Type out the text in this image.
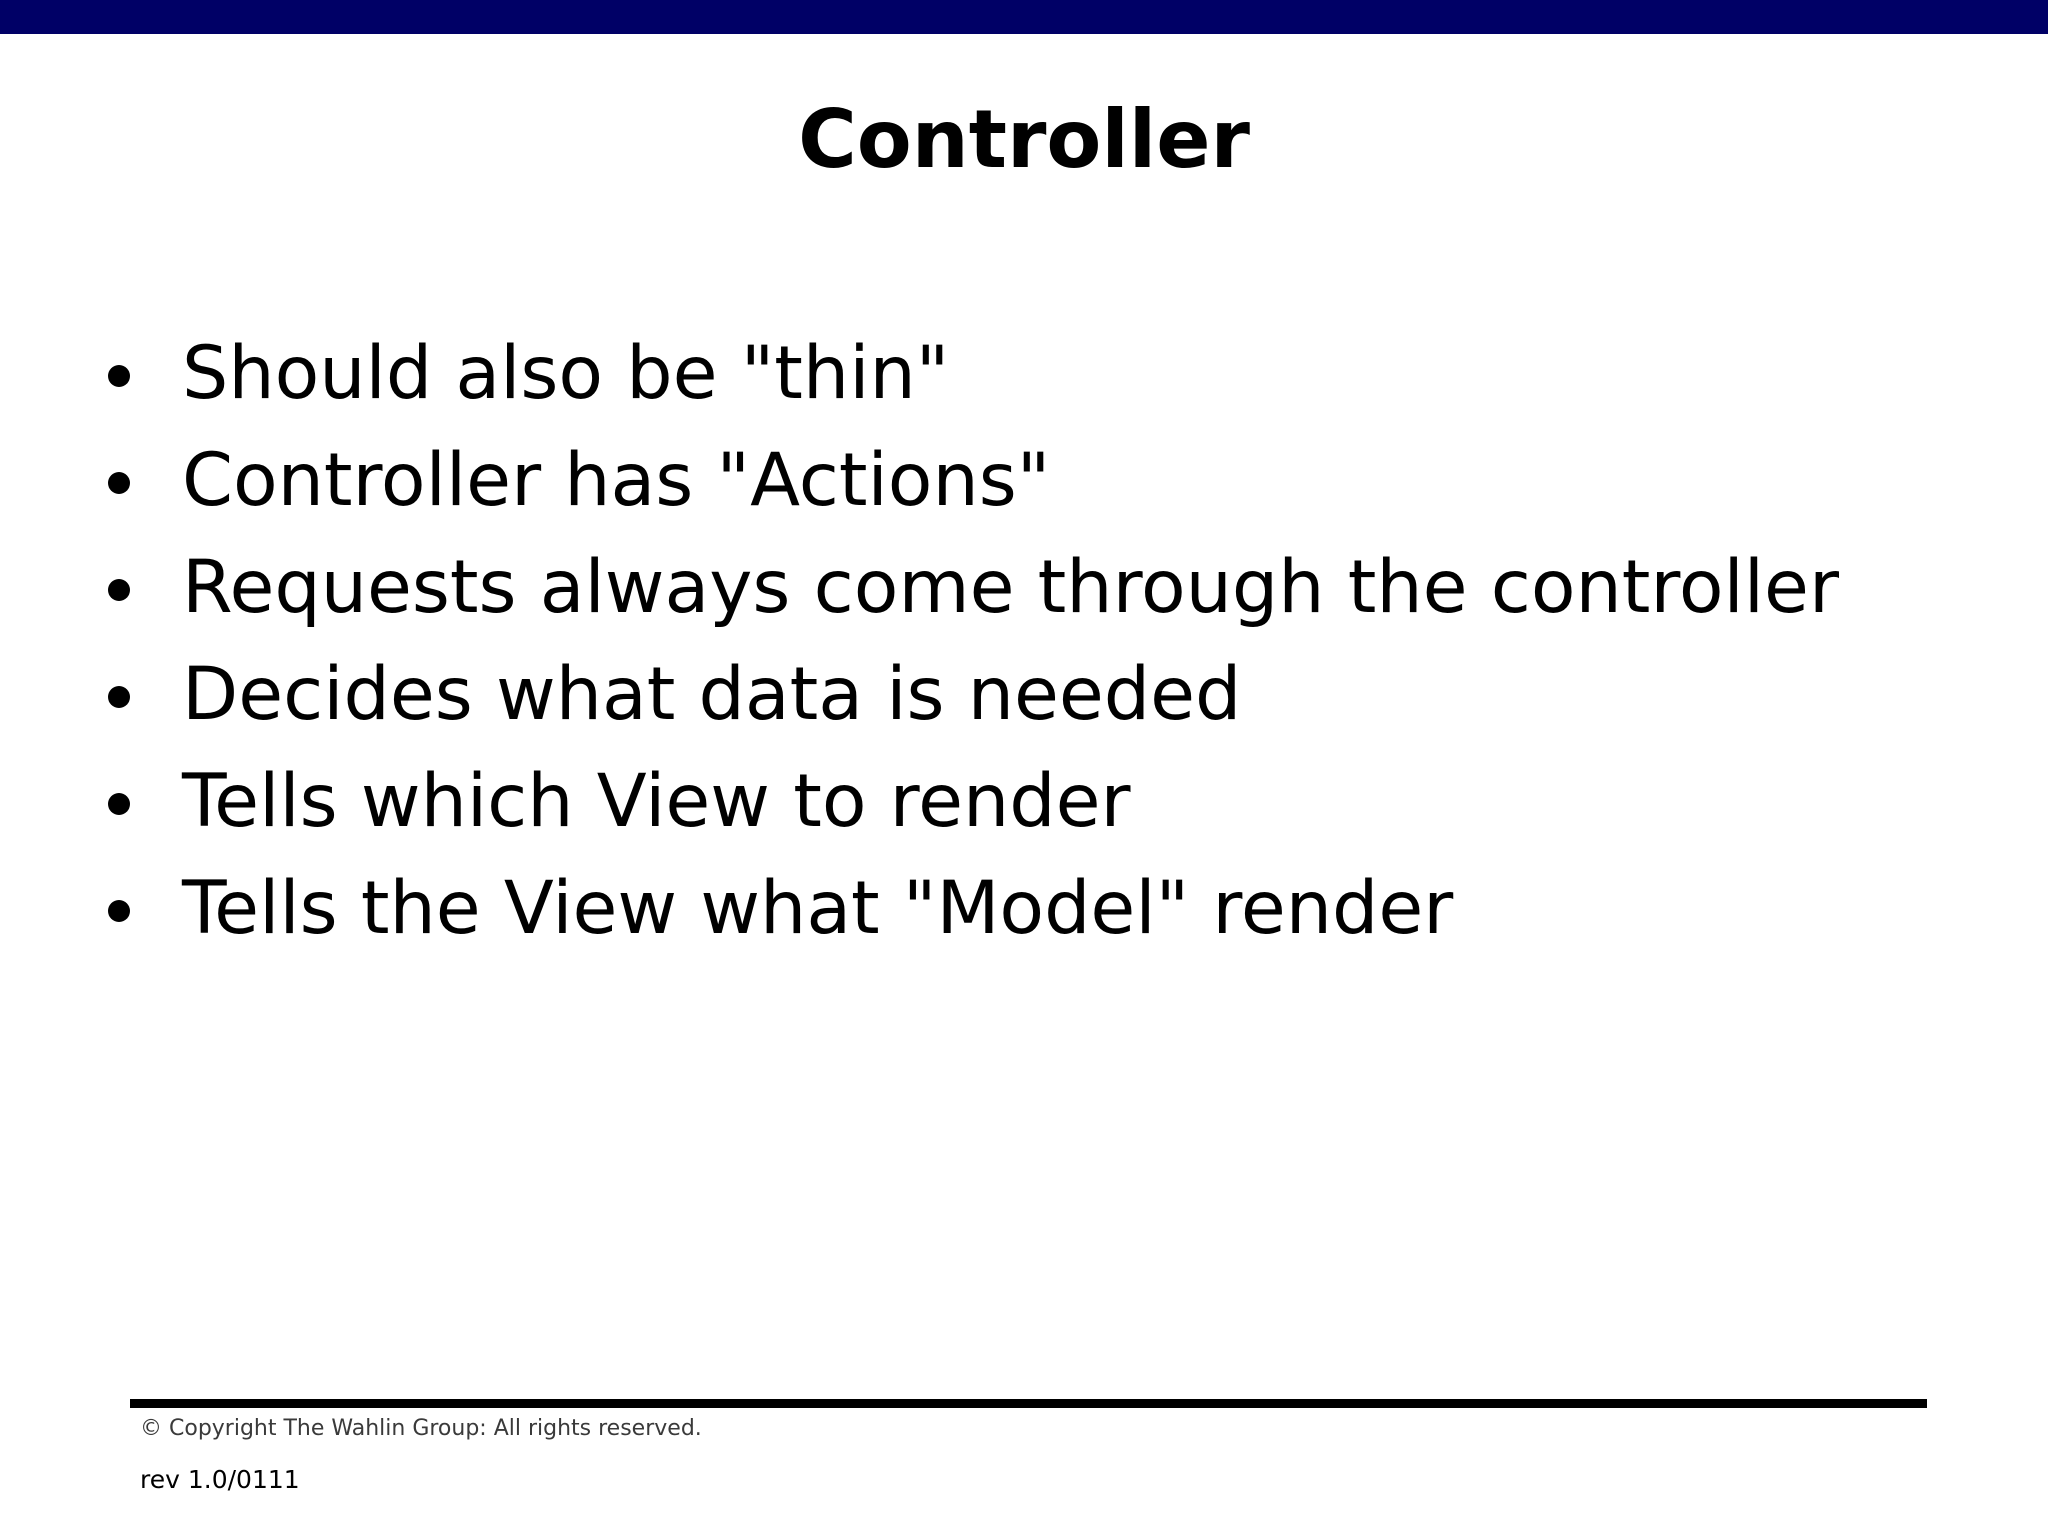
Controller
Should also be "thin"
Controller has "Actions"
Requests always come through the controller
Decides what data is needed
Tells which View to render
Tells the View what "Model" render
© Copyright The Wahlin Group: All rights reserved.
rev 1.0/0111
